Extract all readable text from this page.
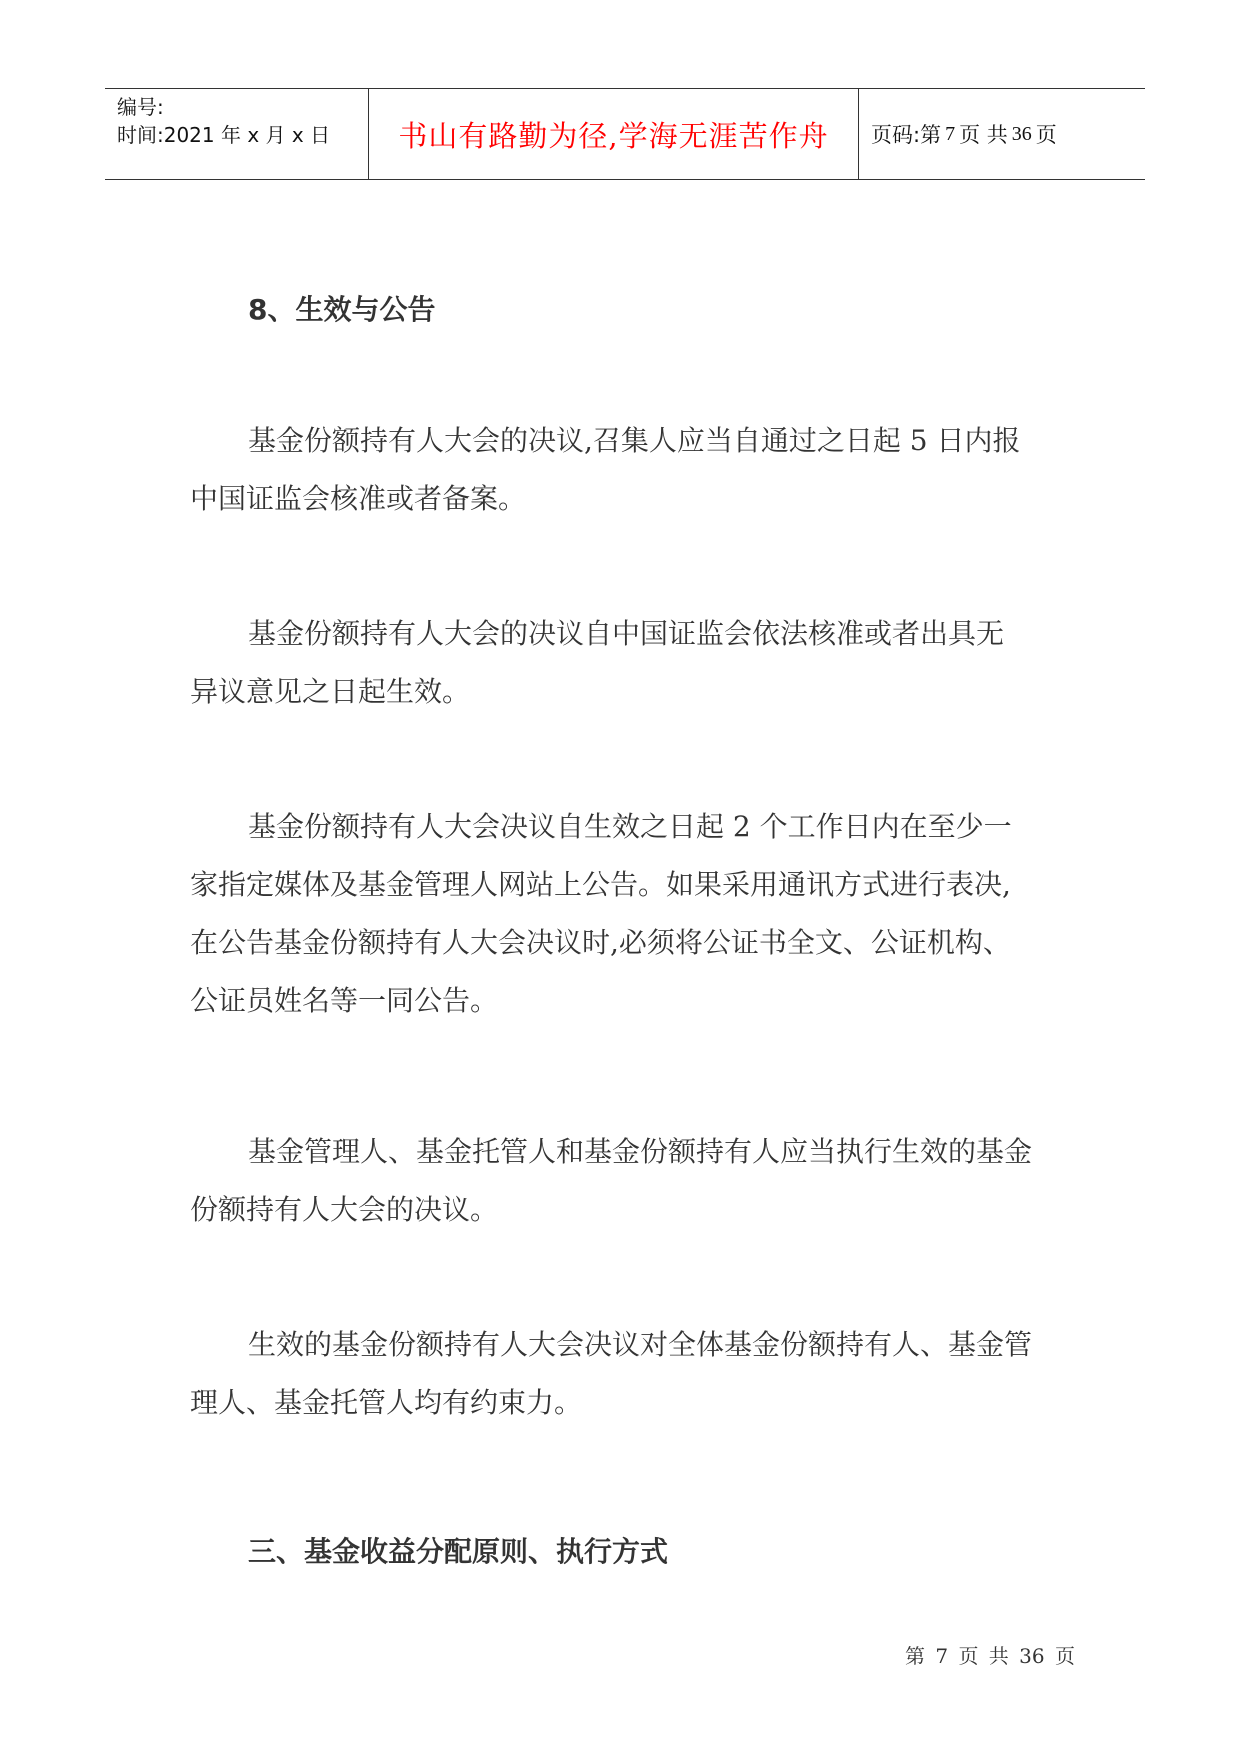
编号:
时间:2021 年 x 月 x 日	书山有路勤为径,学海无涯苦作舟	页码:第 7 页 共 36 页
8、生效与公告
基金份额持有人大会的决议,召集人应当自通过之日起 5 日内报
中国证监会核准或者备案。
基金份额持有人大会的决议自中国证监会依法核准或者出具无
异议意见之日起生效。
基金份额持有人大会决议自生效之日起 2 个工作日内在至少一
家指定媒体及基金管理人网站上公告。如果采用通讯方式进行表决,
在公告基金份额持有人大会决议时,必须将公证书全文、公证机构、
公证员姓名等一同公告。
基金管理人、基金托管人和基金份额持有人应当执行生效的基金
份额持有人大会的决议。
生效的基金份额持有人大会决议对全体基金份额持有人、基金管
理人、基金托管人均有约束力。
三、基金收益分配原则、执行方式
第 7 页 共 36 页
